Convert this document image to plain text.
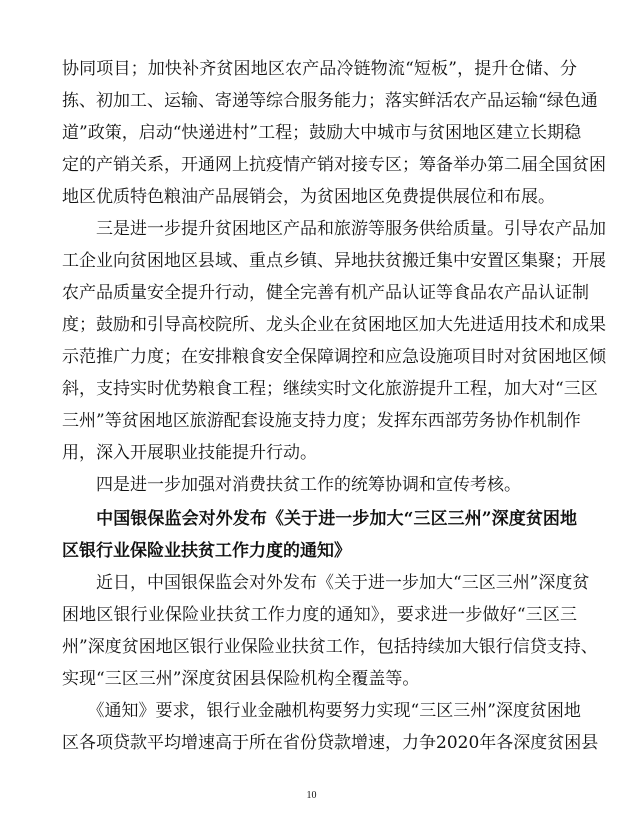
协同项目；加快补齐贫困地区农产品冷链物流“短板”，提升仓储、分
拣、初加工、运输、寄递等综合服务能力；落实鲜活农产品运输“绿色通
道”政策，启动“快递进村”工程；鼓励大中城市与贫困地区建立长期稳
定的产销关系，开通网上抗疫情产销对接专区；筹备举办第二届全国贫困
地区优质特色粮油产品展销会，为贫困地区免费提供展位和布展。
　　三是进一步提升贫困地区产品和旅游等服务供给质量。引导农产品加
工企业向贫困地区县域、重点乡镇、异地扶贫搬迁集中安置区集聚；开展
农产品质量安全提升行动，健全完善有机产品认证等食品农产品认证制
度；鼓励和引导高校院所、龙头企业在贫困地区加大先进适用技术和成果
示范推广力度；在安排粮食安全保障调控和应急设施项目时对贫困地区倾
斜，支持实时优势粮食工程；继续实时文化旅游提升工程，加大对“三区
三州”等贫困地区旅游配套设施支持力度；发挥东西部劳务协作机制作
用，深入开展职业技能提升行动。
　　四是进一步加强对消费扶贫工作的统筹协调和宣传考核。
　　中国银保监会对外发布《关于进一步加大“三区三州”深度贫困地
区银行业保险业扶贫工作力度的通知》
　　近日，中国银保监会对外发布《关于进一步加大“三区三州”深度贫
困地区银行业保险业扶贫工作力度的通知》，要求进一步做好“三区三
州”深度贫困地区银行业保险业扶贫工作，包括持续加大银行信贷支持、
实现“三区三州”深度贫困县保险机构全覆盖等。
　　《通知》要求，银行业金融机构要努力实现“三区三州”深度贫困地
区各项贷款平均增速高于所在省份贷款增速，力争2020年各深度贫困县
10
